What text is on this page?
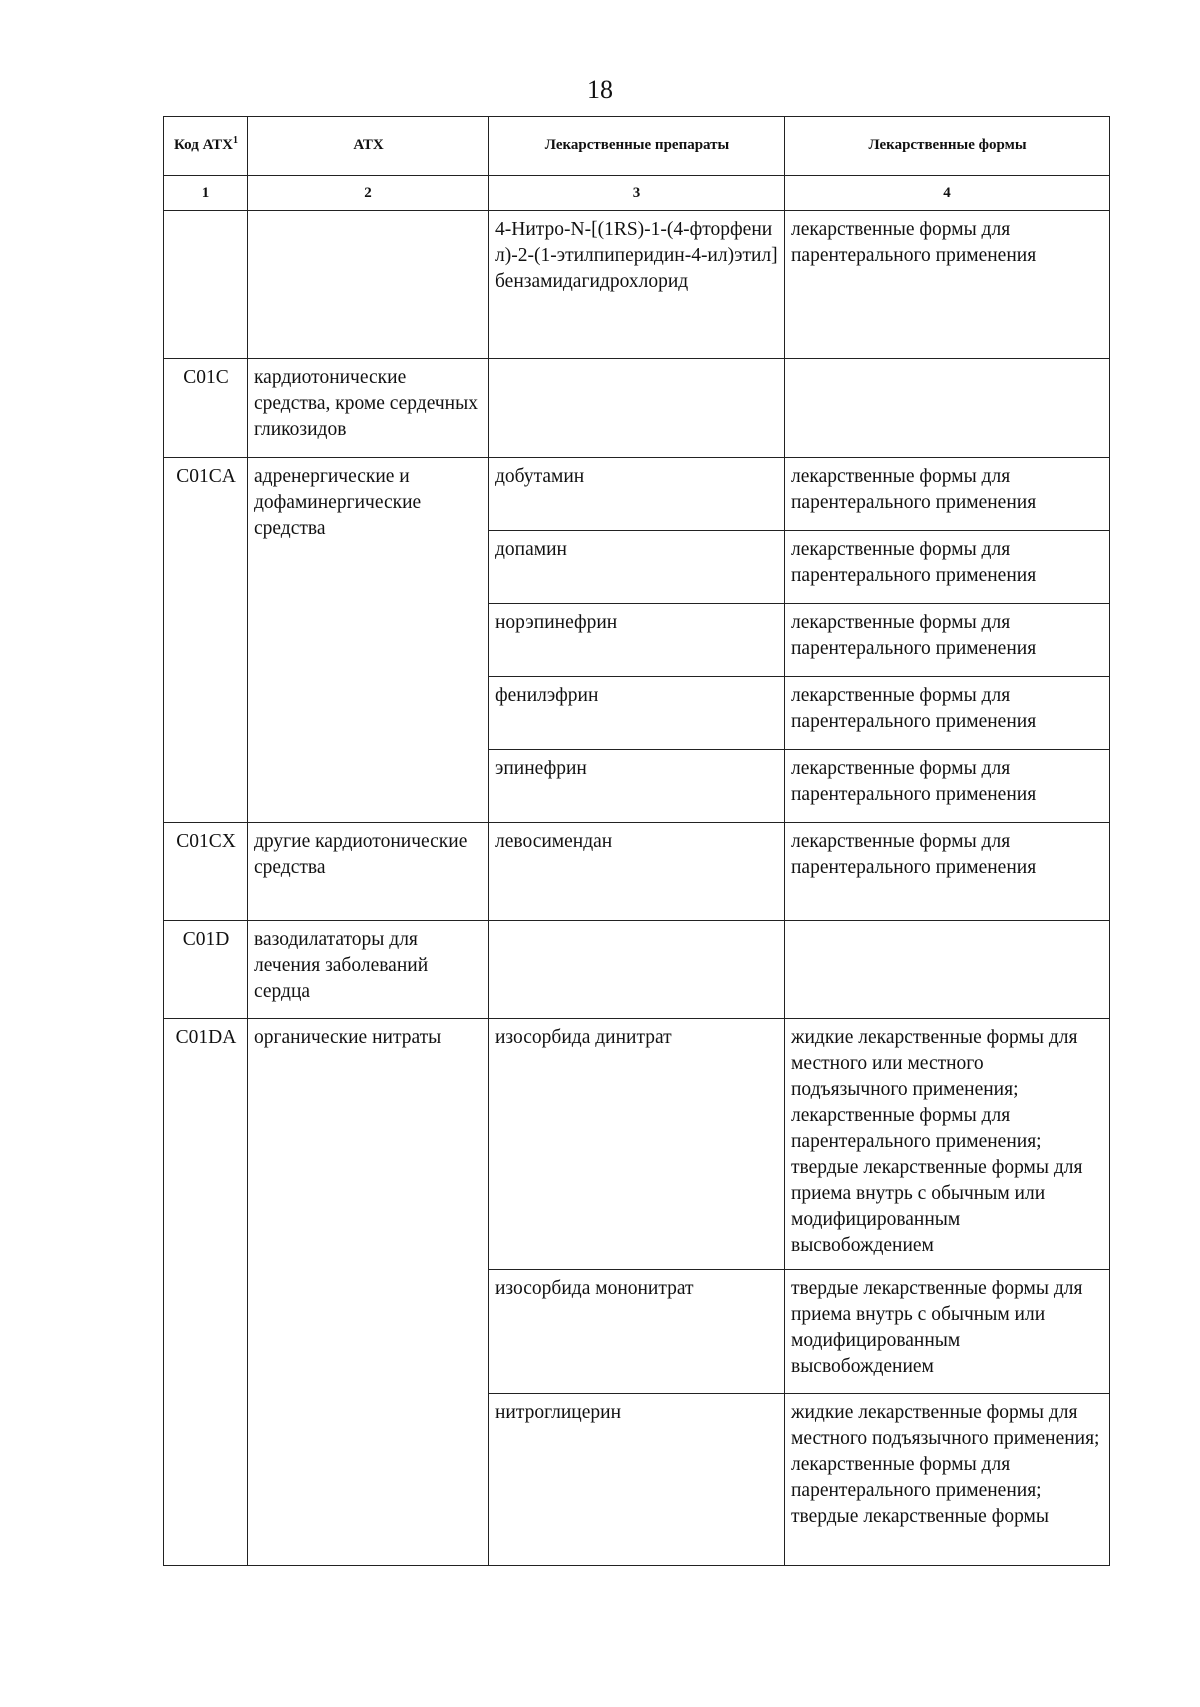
18
Код АТХ$^1$	АТХ	Лекарственные препараты	Лекарственные формы
1	2	3	4
		4-Нитро-N-[(1RS)-1-(4-фторфенил)-2-(1-этилпиперидин-4-ил)этил]бензамидагидрохлорид	лекарственные формы для парентерального применения
C01C	кардиотонические средства, кроме сердечных гликозидов		
C01CA	адренергические и дофаминергические средства	добутамин	лекарственные формы для парентерального применения
		допамин	лекарственные формы для парентерального применения
		норэпинефрин	лекарственные формы для парентерального применения
		фенилэфрин	лекарственные формы для парентерального применения
		эпинефрин	лекарственные формы для парентерального применения
C01CX	другие кардиотонические средства	левосимендан	лекарственные формы для парентерального применения
C01D	вазодилататоры для лечения заболеваний сердца		
C01DA	органические нитраты	изосорбида динитрат	жидкие лекарственные формы для местного или местного подъязычного применения; лекарственные формы для парентерального применения; твердые лекарственные формы для приема внутрь с обычным или модифицированным высвобождением
		изосорбида мононитрат	твердые лекарственные формы для приема внутрь с обычным или модифицированным высвобождением
		нитроглицерин	жидкие лекарственные формы для местного подъязычного применения; лекарственные формы для парентерального применения; твердые лекарственные формы
